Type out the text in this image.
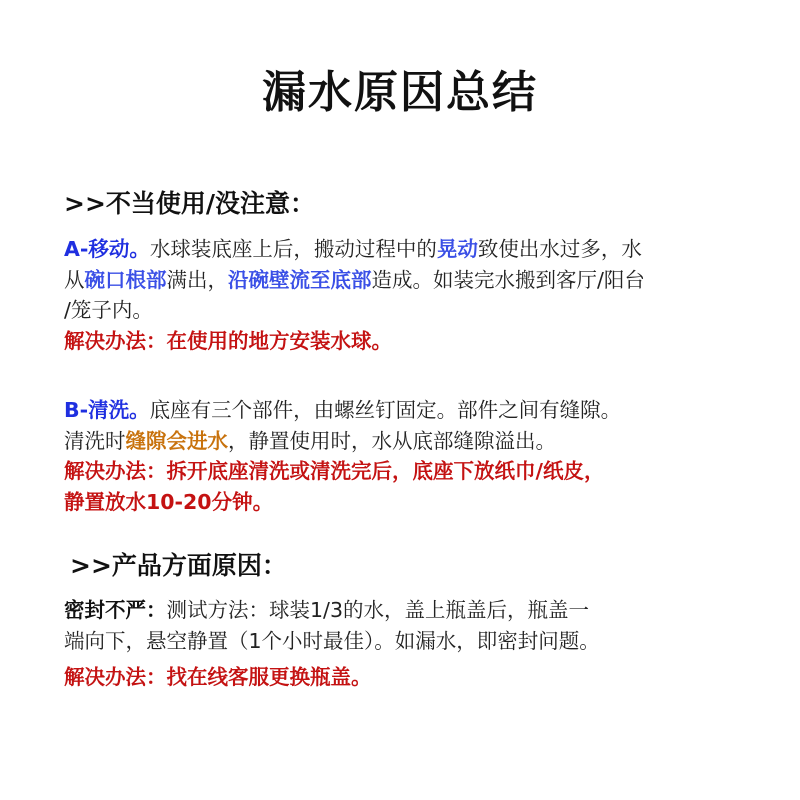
漏水原因总结
>>不当使用/没注意：
A-移动。水球装底座上后，搬动过程中的晃动致使出水过多，水
从碗口根部满出，沿碗壁流至底部造成。如装完水搬到客厅/阳台
/笼子内。
解决办法：在使用的地方安装水球。
B-清洗。底座有三个部件，由螺丝钉固定。部件之间有缝隙。
清洗时缝隙会进水，静置使用时，水从底部缝隙溢出。
解决办法：拆开底座清洗或清洗完后，底座下放纸巾/纸皮，
静置放水10-20分钟。
>>产品方面原因：
密封不严：测试方法：球装1/3的水，盖上瓶盖后，瓶盖一
端向下，悬空静置（1个小时最佳）。如漏水，即密封问题。
解决办法：找在线客服更换瓶盖。
